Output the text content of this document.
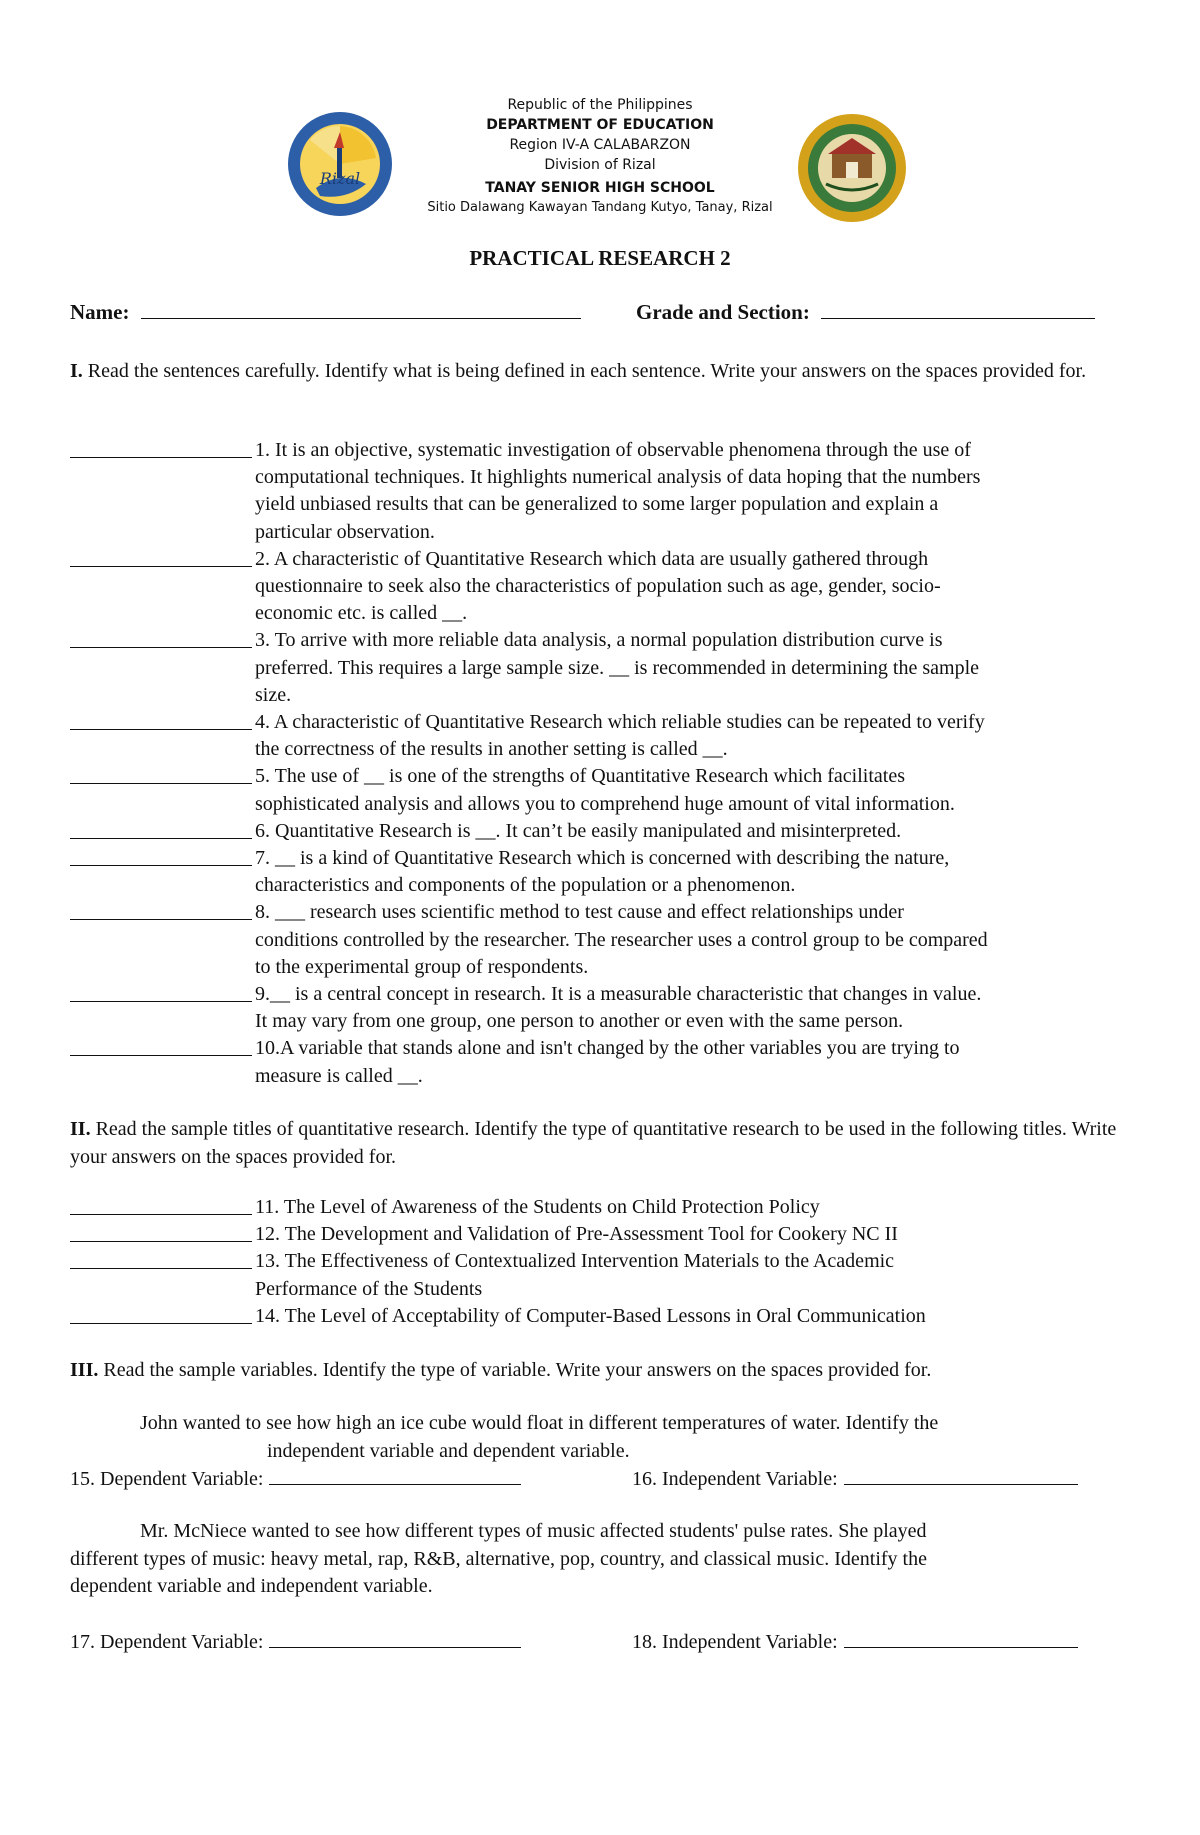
Rizal
Republic of the Philippines
DEPARTMENT OF EDUCATION
Region IV-A CALABARZON
Division of Rizal
TANAY SENIOR HIGH SCHOOL
Sitio Dalawang Kawayan Tandang Kutyo, Tanay, Rizal
PRACTICAL RESEARCH 2
Name:	Grade and Section:
I. Read the sentences carefully. Identify what is being defined in each sentence. Write your answers on the spaces provided for.
1. It is an objective, systematic investigation of observable phenomena through the use of
computational techniques. It highlights numerical analysis of data hoping that the numbers
yield unbiased results that can be generalized to some larger population and explain a
particular observation.
2. A characteristic of Quantitative Research which data are usually gathered through
questionnaire to seek also the characteristics of population such as age, gender, socio-
economic etc. is called __.
3. To arrive with more reliable data analysis, a normal population distribution curve is
preferred. This requires a large sample size. __ is recommended in determining the sample
size.
4. A characteristic of Quantitative Research which reliable studies can be repeated to verify
the correctness of the results in another setting is called __.
5. The use of __ is one of the strengths of Quantitative Research which facilitates
sophisticated analysis and allows you to comprehend huge amount of vital information.
6. Quantitative Research is __. It can’t be easily manipulated and misinterpreted.
7. __ is a kind of Quantitative Research which is concerned with describing the nature,
characteristics and components of the population or a phenomenon.
8. ___ research uses scientific method to test cause and effect relationships under
conditions controlled by the researcher. The researcher uses a control group to be compared
to the experimental group of respondents.
9.__ is a central concept in research. It is a measurable characteristic that changes in value.
It may vary from one group, one person to another or even with the same person.
10.A variable that stands alone and isn't changed by the other variables you are trying to
measure is called __.
II. Read the sample titles of quantitative research. Identify the type of quantitative research to be used in the following titles. Write your answers on the spaces provided for.
11. The Level of Awareness of the Students on Child Protection Policy
12. The Development and Validation of Pre-Assessment Tool for Cookery NC II
13. The Effectiveness of Contextualized Intervention Materials to the Academic
Performance of the Students
14. The Level of Acceptability of Computer-Based Lessons in Oral Communication
III. Read the sample variables. Identify the type of variable. Write your answers on the spaces provided for.
John wanted to see how high an ice cube would float in different temperatures of water. Identify the
independent variable and dependent variable.
15. Dependent Variable:	16. Independent Variable:
Mr. McNiece wanted to see how different types of music affected students' pulse rates. She played
different types of music: heavy metal, rap, R&B, alternative, pop, country, and classical music. Identify the
dependent variable and independent variable.
17. Dependent Variable:	18. Independent Variable:
